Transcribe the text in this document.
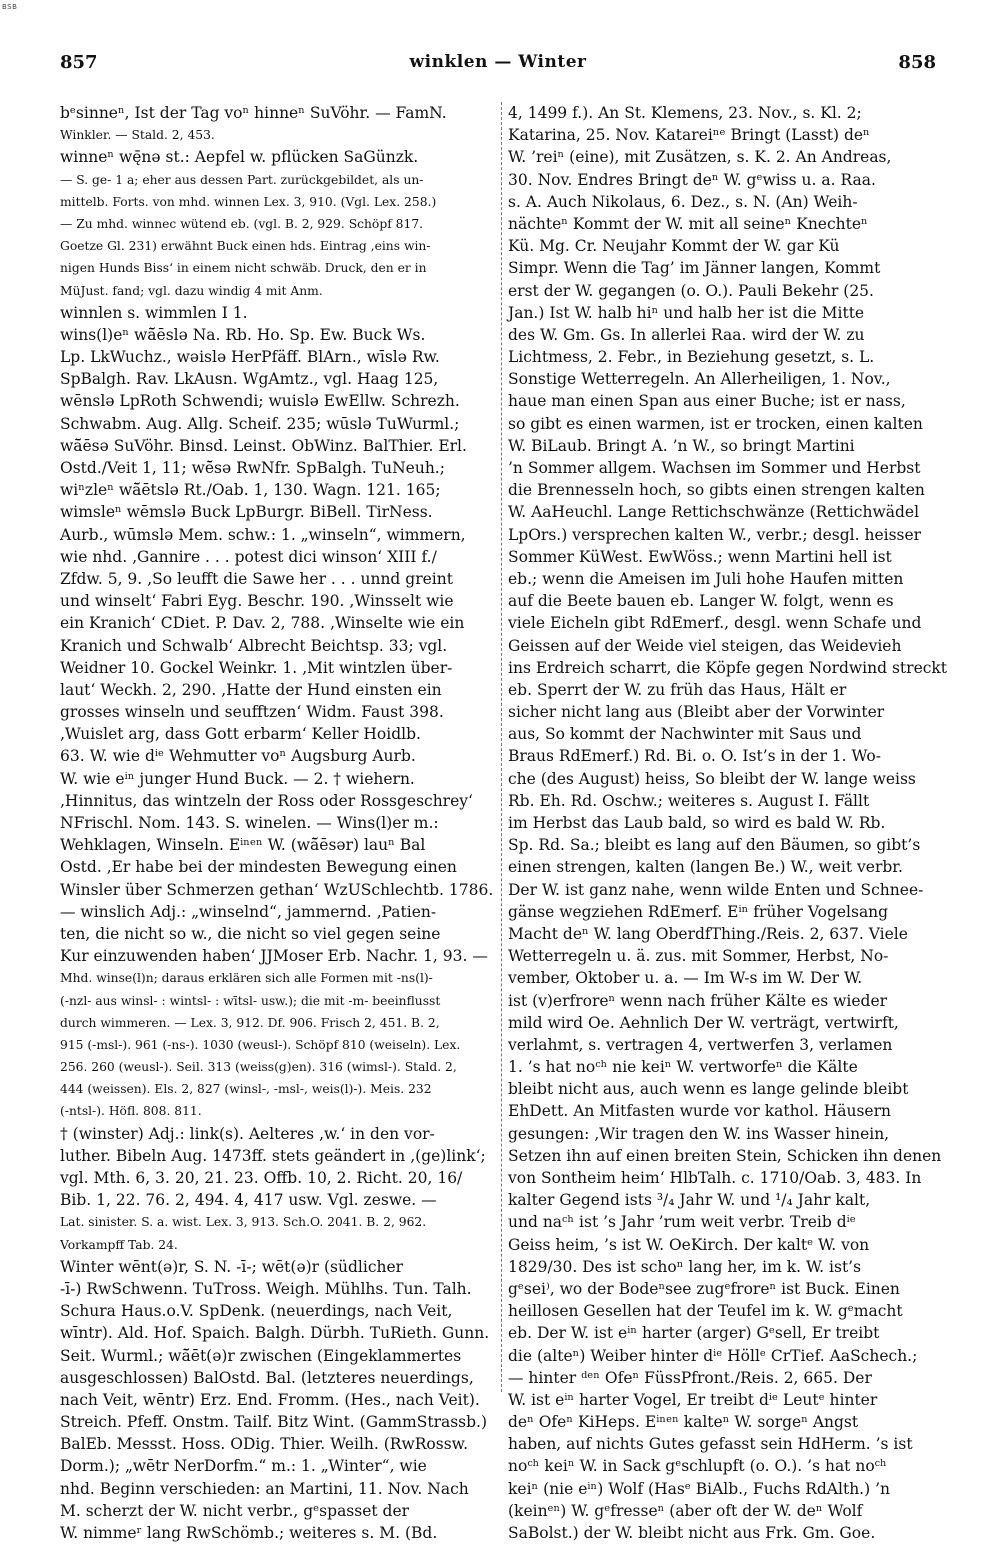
BSB
857	winklen — Winter	858
bᵉsinneⁿ, Ist der Tag voⁿ hinneⁿ SuVöhr. — FamN.
Winkler. — Stald. 2, 453.
winneⁿ wę̄nə st.: Aepfel w. pflücken SaGünzk.
— S. ge- 1 a; eher aus dessen Part. zurückgebildet, als un-
mittelb. Forts. von mhd. winnen Lex. 3, 910. (Vgl. Lex. 258.)
— Zu mhd. winnec wütend eb. (vgl. B. 2, 929. Schöpf 817.
Goetze Gl. 231) erwähnt Buck einen hds. Eintrag ‚eins win-
nigen Hunds Biss‘ in einem nicht schwäb. Druck, den er in
MüJust. fand; vgl. dazu windig 4 mit Anm.
winnlen s. wimmlen I 1.
wins(l)eⁿ wā̆ēslə Na. Rb. Ho. Sp. Ew. Buck Ws.
Lp. LkWuchz., wəislə HerPfäff. BlArn., wīslə Rw.
SpBalgh. Rav. LkAusn. WgAmtz., vgl. Haag 125,
wēnslə LpRoth Schwendi; wuislə EwEllw. Schrezh.
Schwabm. Aug. Allg. Scheif. 235; wūslə TuWurml.;
wā̆ēsə SuVöhr. Binsd. Leinst. ObWinz. BalThier. Erl.
Ostd./Veit 1, 11; wē̆sə RwNfr. SpBalgh. TuNeuh.;
wiⁿzleⁿ wā̆ētslə Rt./Oab. 1, 130. Wagn. 121. 165;
wimsleⁿ wēmslə Buck LpBurgr. BiBell. TirNess.
Aurb., wūmslə Mem. schw.: 1. „winseln“, wimmern,
wie nhd. ‚Gannire . . . potest dici winson‘ XIII f./
Zfdw. 5, 9. ‚So leufft die Sawe her . . . unnd greint
und winselt‘ Fabri Eyg. Beschr. 190. ‚Winsselt wie
ein Kranich‘ CDiet. P. Dav. 2, 788. ‚Winselte wie ein
Kranich und Schwalb‘ Albrecht Beichtsp. 33; vgl.
Weidner 10. Gockel Weinkr. 1. ‚Mit wintzlen über-
laut‘ Weckh. 2, 290. ‚Hatte der Hund einsten ein
grosses winseln und seufftzen‘ Widm. Faust 398.
‚Wuislet arg, dass Gott erbarm‘ Keller Hoidlb.
63. W. wie dⁱᵉ Wehmutter voⁿ Augsburg Aurb.
W. wie eⁱⁿ junger Hund Buck. — 2. † wiehern.
‚Hinnitus, das wintzeln der Ross oder Rossgeschrey‘
NFrischl. Nom. 143. S. winelen. — Wins(l)er m.:
Wehklagen, Winseln. Eⁱⁿᵉⁿ W. (wā̆ēsər) lauⁿ Bal
Ostd. ‚Er habe bei der mindesten Bewegung einen
Winsler über Schmerzen gethan‘ WzUSchlechtb. 1786.
— winslich Adj.: „winselnd“, jammernd. ‚Patien-
ten, die nicht so w., die nicht so viel gegen seine
Kur einzuwenden haben‘ JJMoser Erb. Nachr. 1, 93. —
Mhd. winse(l)n; daraus erklären sich alle Formen mit -ns(l)-
(-nzl- aus winsl- : wintsl- : wītsl- usw.); die mit -m- beeinflusst
durch wimmeren. — Lex. 3, 912. Df. 906. Frisch 2, 451. B. 2,
915 (-msl-). 961 (-ns-). 1030 (weusl-). Schöpf 810 (weiseln). Lex.
256. 260 (weusl-). Seil. 313 (weiss(g)en). 316 (wimsl-). Stald. 2,
444 (weissen). Els. 2, 827 (winsl-, -msl-, weis(l)-). Meis. 232
(-ntsl-). Höfl. 808. 811.
† (winster) Adj.: link(s). Aelteres ‚w.‘ in den vor-
luther. Bibeln Aug. 1473ff. stets geändert in ‚(ge)link‘;
vgl. Mth. 6, 3. 20, 21. 23. Offb. 10, 2. Richt. 20, 16/
Bib. 1, 22. 76. 2, 494. 4, 417 usw. Vgl. zeswe. —
Lat. sinister. S. a. wist. Lex. 3, 913. Sch.O. 2041. B. 2, 962.
Vorkampff Tab. 24.
Winter wēnt(ə)r, S. N. -ī-; wēt(ə)r (südlicher
-ī-) RwSchwenn. TuTross. Weigh. Mühlhs. Tun. Talh.
Schura Haus.o.V. SpDenk. (neuerdings, nach Veit,
wīntr). Ald. Hof. Spaich. Balgh. Dürbh. TuRieth. Gunn.
Seit. Wurml.; wā̆ēt(ə)r zwischen (Eingeklammertes
ausgeschlossen) BalOstd. Bal. (letzteres neuerdings,
nach Veit, wēntr) Erz. End. Fromm. (Hes., nach Veit).
Streich. Pfeff. Onstm. Tailf. Bitz Wint. (GammStrassb.)
BalEb. Messst. Hoss. ODig. Thier. Weilh. (RwRossw.
Dorm.); „wētr NerDorfm.“ m.: 1. „Winter“, wie
nhd. Beginn verschieden: an Martini, 11. Nov. Nach
M. scherzt der W. nicht verbr., gᵉspasset der
W. nimmeʳ lang RwSchömb.; weiteres s. M. (Bd.
4, 1499 f.). An St. Klemens, 23. Nov., s. Kl. 2;
Katarina, 25. Nov. Katareiⁿᵉ Bringt (Lasst) deⁿ
W. ’reiⁿ (eine), mit Zusätzen, s. K. 2. An Andreas,
30. Nov. Endres Bringt deⁿ W. gᵉwiss u. a. Raa.
s. A. Auch Nikolaus, 6. Dez., s. N. (An) Weih-
nächteⁿ Kommt der W. mit all seineⁿ Knechteⁿ
Kü. Mg. Cr. Neujahr Kommt der W. gar Kü
Simpr. Wenn die Tag’ im Jänner langen, Kommt
erst der W. gegangen (o. O.). Pauli Bekehr (25.
Jan.) Ist W. halb hiⁿ und halb her ist die Mitte
des W. Gm. Gs. In allerlei Raa. wird der W. zu
Lichtmess, 2. Febr., in Beziehung gesetzt, s. L.
Sonstige Wetterregeln. An Allerheiligen, 1. Nov.,
haue man einen Span aus einer Buche; ist er nass,
so gibt es einen warmen, ist er trocken, einen kalten
W. BiLaub. Bringt A. ’n W., so bringt Martini
’n Sommer allgem. Wachsen im Sommer und Herbst
die Brennesseln hoch, so gibts einen strengen kalten
W. AaHeuchl. Lange Rettichschwänze (Rettichwädel
LpOrs.) versprechen kalten W., verbr.; desgl. heisser
Sommer KüWest. EwWöss.; wenn Martini hell ist
eb.; wenn die Ameisen im Juli hohe Haufen mitten
auf die Beete bauen eb. Langer W. folgt, wenn es
viele Eicheln gibt RdEmerf., desgl. wenn Schafe und
Geissen auf der Weide viel steigen, das Weidevieh
ins Erdreich scharrt, die Köpfe gegen Nordwind streckt
eb. Sperrt der W. zu früh das Haus, Hält er
sicher nicht lang aus (Bleibt aber der Vorwinter
aus, So kommt der Nachwinter mit Saus und
Braus RdEmerf.) Rd. Bi. o. O. Ist’s in der 1. Wo-
che (des August) heiss, So bleibt der W. lange weiss
Rb. Eh. Rd. Oschw.; weiteres s. August I. Fällt
im Herbst das Laub bald, so wird es bald W. Rb.
Sp. Rd. Sa.; bleibt es lang auf den Bäumen, so gibt’s
einen strengen, kalten (langen Be.) W., weit verbr.
Der W. ist ganz nahe, wenn wilde Enten und Schnee-
gänse wegziehen RdEmerf. Eⁱⁿ früher Vogelsang
Macht deⁿ W. lang OberdfThing./Reis. 2, 637. Viele
Wetterregeln u. ä. zus. mit Sommer, Herbst, No-
vember, Oktober u. a. — Im W-s im W. Der W.
ist (v)erfroreⁿ wenn nach früher Kälte es wieder
mild wird Oe. Aehnlich Der W. verträgt, vertwirft,
verlahmt, s. vertragen 4, vertwerfen 3, verlamen
1. ’s hat noᶜʰ nie keiⁿ W. vertworfeⁿ die Kälte
bleibt nicht aus, auch wenn es lange gelinde bleibt
EhDett. An Mitfasten wurde vor kathol. Häusern
gesungen: ‚Wir tragen den W. ins Wasser hinein,
Setzen ihn auf einen breiten Stein, Schicken ihn denen
von Sontheim heim‘ HlbTalh. c. 1710/Oab. 3, 483. In
kalter Gegend ists ³/₄ Jahr W. und ¹/₄ Jahr kalt,
und naᶜʰ ist ’s Jahr ’rum weit verbr. Treib dⁱᵉ
Geiss heim, ’s ist W. OeKirch. Der kaltᵉ W. von
1829/30. Des ist schoⁿ lang her, im k. W. ist’s
gᵉsei⁾, wo der Bodeⁿsee zugᵉfroreⁿ ist Buck. Einen
heillosen Gesellen hat der Teufel im k. W. gᵉmacht
eb. Der W. ist eⁱⁿ harter (arger) Gᵉsell, Er treibt
die (alteⁿ) Weiber hinter dⁱᵉ Höllᵉ CrTief. AaSchech.;
— hinter ᵈᵉⁿ Ofeⁿ FüssPfront./Reis. 2, 665. Der
W. ist eⁱⁿ harter Vogel, Er treibt dⁱᵉ Leutᵉ hinter
deⁿ Ofeⁿ KiHeps. Eⁱⁿᵉⁿ kalteⁿ W. sorgeⁿ Angst
haben, auf nichts Gutes gefasst sein HdHerm. ’s ist
noᶜʰ keiⁿ W. in Sack gᵉschlupft (o. O.). ’s hat noᶜʰ
keiⁿ (nie eⁱⁿ) Wolf (Hasᵉ BiAlb., Fuchs RdAlth.) ’n
(keinᵉⁿ) W. gᵉfresseⁿ (aber oft der W. deⁿ Wolf
SaBolst.) der W. bleibt nicht aus Frk. Gm. Goe.
